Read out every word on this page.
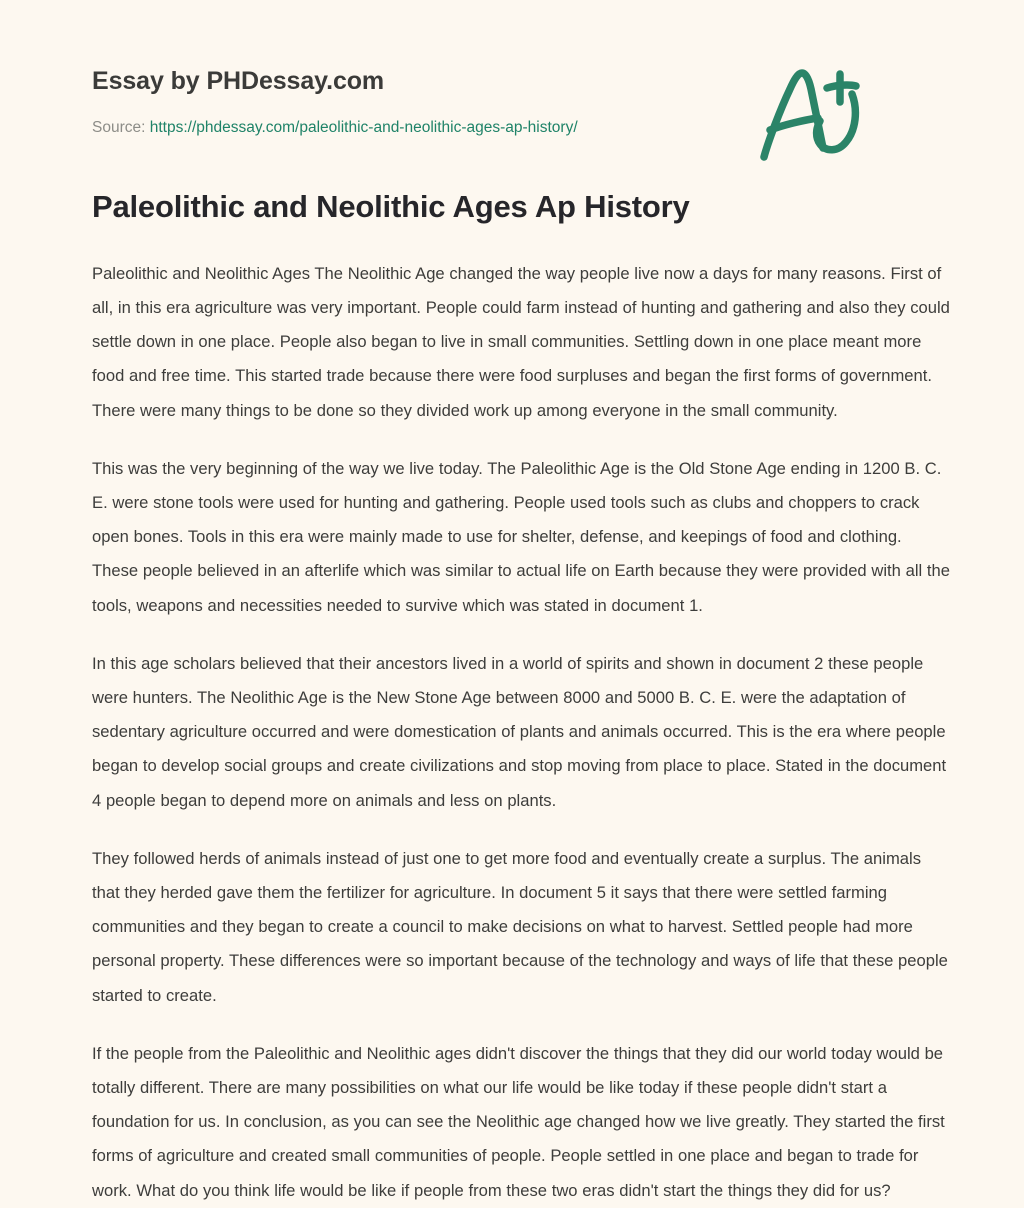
Essay by PHDessay.com
Source: https://phdessay.com/paleolithic-and-neolithic-ages-ap-history/
Paleolithic and Neolithic Ages Ap History

Paleolithic and Neolithic Ages The Neolithic Age changed the way people live now a days for many reasons. First of all, in this era agriculture was very important. People could farm instead of hunting and gathering and also they could settle down in one place. People also began to live in small communities. Settling down in one place meant more food and free time. This started trade because there were food surpluses and began the first forms of government. There were many things to be done so they divided work up among everyone in the small community.

This was the very beginning of the way we live today. The Paleolithic Age is the Old Stone Age ending in 1200 B. C. E. were stone tools were used for hunting and gathering. People used tools such as clubs and choppers to crack open bones. Tools in this era were mainly made to use for shelter, defense, and keepings of food and clothing. These people believed in an afterlife which was similar to actual life on Earth because they were provided with all the tools, weapons and necessities needed to survive which was stated in document 1.

In this age scholars believed that their ancestors lived in a world of spirits and shown in document 2 these people were hunters. The Neolithic Age is the New Stone Age between 8000 and 5000 B. C. E. were the adaptation of sedentary agriculture occurred and were domestication of plants and animals occurred. This is the era where people began to develop social groups and create civilizations and stop moving from place to place. Stated in the document 4 people began to depend more on animals and less on plants.

They followed herds of animals instead of just one to get more food and eventually create a surplus. The animals that they herded gave them the fertilizer for agriculture. In document 5 it says that there were settled farming communities and they began to create a council to make decisions on what to harvest. Settled people had more personal property. These differences were so important because of the technology and ways of life that these people started to create.

If the people from the Paleolithic and Neolithic ages didn't discover the things that they did our world today would be totally different. There are many possibilities on what our life would be like today if these people didn't start a foundation for us. In conclusion, as you can see the Neolithic age changed how we live greatly. They started the first forms of agriculture and created small communities of people. People settled in one place and began to trade for work. What do you think life would be like if people from these two eras didn't start the things they did for us?
